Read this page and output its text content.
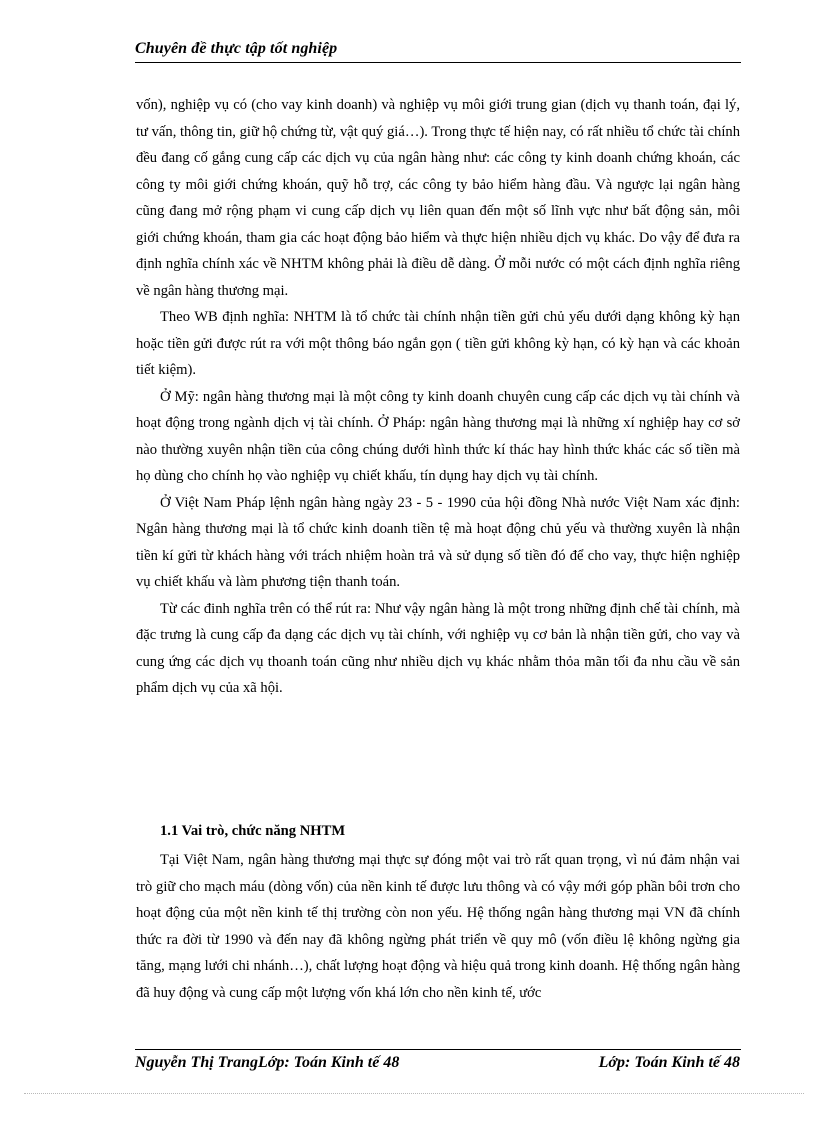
Chuyên đề thực tập tốt nghiệp

vốn), nghiệp vụ có (cho vay kinh doanh) và nghiệp vụ môi giới trung gian (dịch vụ thanh toán, đại lý, tư vấn, thông tin, giữ hộ chứng từ, vật quý giá…). Trong thực tế hiện nay, có rất nhiều tổ chức tài chính đều đang cố gắng cung cấp các dịch vụ của ngân hàng như: các công ty kinh doanh chứng khoán, các công ty môi giới chứng khoán, quỹ hỗ trợ, các công ty bảo hiểm hàng đầu. Và ngược lại ngân hàng cũng đang mở rộng phạm vi cung cấp dịch vụ liên quan đến một số lĩnh vực như bất động sản, môi giới chứng khoán, tham gia các hoạt động bảo hiểm và thực hiện nhiều dịch vụ khác. Do vậy để đưa ra định nghĩa chính xác về NHTM không phải là điều dễ dàng. Ở mỗi nước có một cách định nghĩa riêng về ngân hàng thương mại.

Theo WB định nghĩa: NHTM là tổ chức tài chính nhận tiền gửi chủ yếu dưới dạng không kỳ hạn hoặc tiền gửi được rút ra với một thông báo ngắn gọn ( tiền gửi không kỳ hạn, có kỳ hạn và các khoản tiết kiệm).

Ở Mỹ: ngân hàng thương mại là một công ty kinh doanh chuyên cung cấp các dịch vụ tài chính và hoạt động trong ngành dịch vị tài chính. Ở Pháp: ngân hàng thương mại là những xí nghiệp hay cơ sở nào thường xuyên nhận tiền của công chúng dưới hình thức kí thác hay hình thức khác các số tiền mà họ dùng cho chính họ vào nghiệp vụ chiết khấu, tín dụng hay dịch vụ tài chính.

Ở Việt Nam Pháp lệnh ngân hàng ngày 23 - 5 - 1990 của hội đồng Nhà nước Việt Nam xác định: Ngân hàng thương mại là tổ chức kinh doanh tiền tệ mà hoạt động chủ yếu và thường xuyên là nhận tiền kí gửi từ khách hàng với trách nhiệm hoàn trả và sử dụng số tiền đó để cho vay, thực hiện nghiệp vụ chiết khấu và làm phương tiện thanh toán.

Từ các đinh nghĩa trên có thể rút ra: Như vậy ngân hàng là một trong những định chế tài chính, mà đặc trưng là cung cấp đa dạng các dịch vụ tài chính, với nghiệp vụ cơ bản là nhận tiền gửi, cho vay và cung ứng các dịch vụ thoanh toán cũng như nhiều dịch vụ khác nhằm thỏa mãn tối đa nhu cầu về sản phẩm dịch vụ của xã hội.

1.1 Vai trò, chức năng NHTM

Tại Việt Nam, ngân hàng thương mại thực sự đóng một vai trò rất quan trọng, vì nú đảm nhận vai trò giữ cho mạch máu (dòng vốn) của nền kinh tế được lưu thông và có vậy mới góp phần bôi trơn cho hoạt động của một nền kinh tế thị trường còn non yếu. Hệ thống ngân hàng thương mại VN đã chính thức ra đời từ 1990 và đến nay đã không ngừng phát triển về quy mô (vốn điều lệ không ngừng gia tăng, mạng lưới chi nhánh…), chất lượng hoạt động và hiệu quả trong kinh doanh. Hệ thống ngân hàng đã huy động và cung cấp một lượng vốn khá lớn cho nền kinh tế, ước

Nguyễn Thị TrangLớp: Toán Kinh tế 48	Lớp: Toán Kinh tế 48
